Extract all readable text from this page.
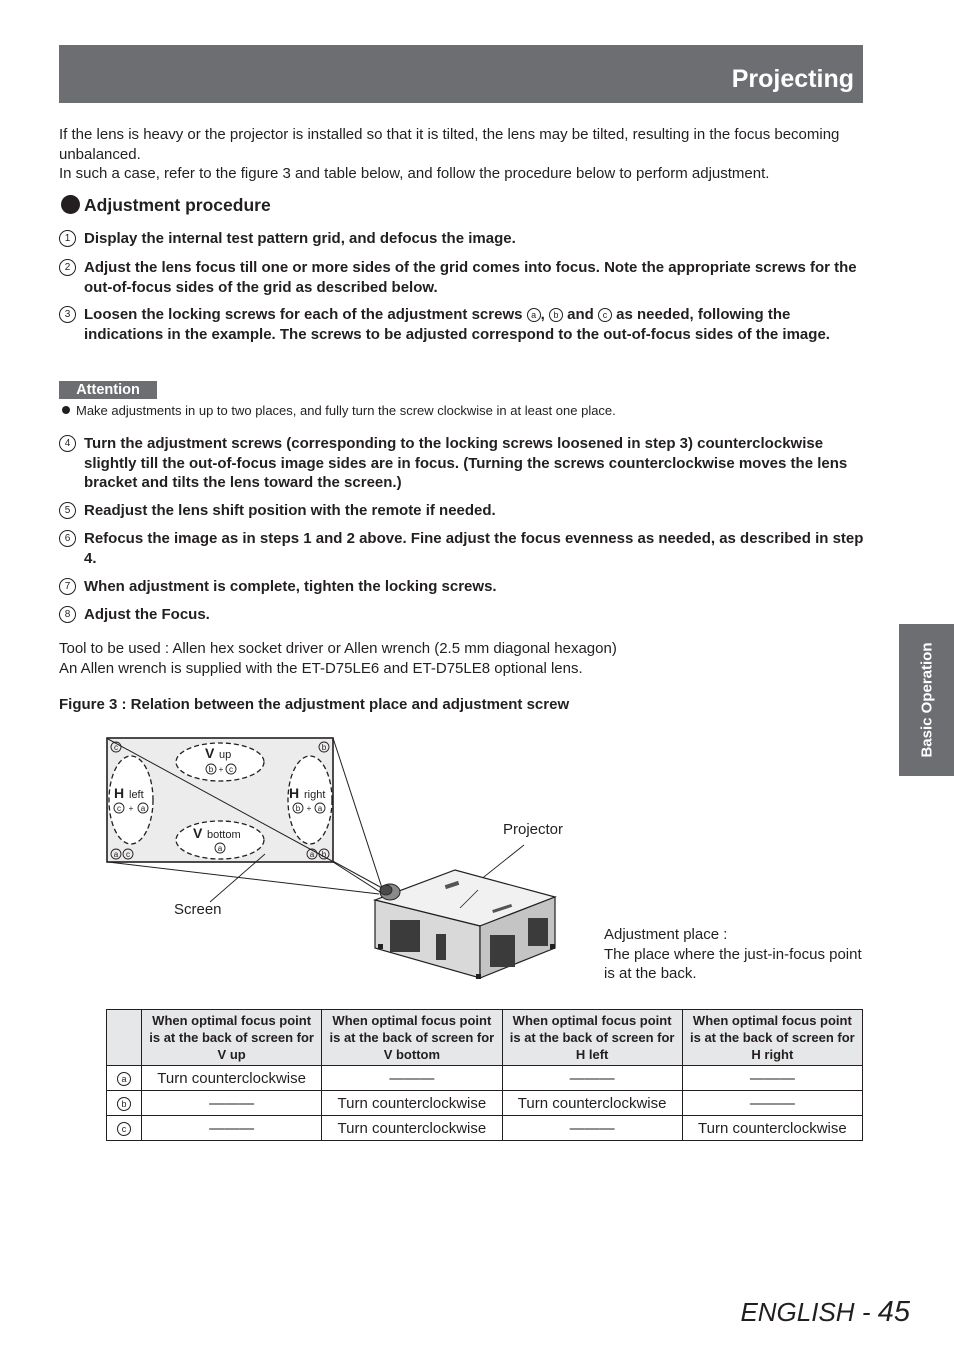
Projecting
If the lens is heavy or the projector is installed so that it is tilted, the lens may be tilted, resulting in the focus becoming unbalanced.
In such a case, refer to the figure 3 and table below, and follow the procedure below to perform adjustment.
Adjustment procedure
1 Display the internal test pattern grid, and defocus the image.
2 Adjust the lens focus till one or more sides of the grid comes into focus. Note the appropriate screws for the out-of-focus sides of the grid as described below.
3 Loosen the locking screws for each of the adjustment screws a , b and c as needed, following the indications in the example. The screws to be adjusted correspond to the out-of-focus sides of the image.
Attention
Make adjustments in up to two places, and fully turn the screw clockwise in at least one place.
4 Turn the adjustment screws (corresponding to the locking screws loosened in step 3) counterclockwise slightly till the out-of-focus image sides are in focus. (Turning the screws counterclockwise moves the lens bracket and tilts the lens toward the screen.)
5 Readjust the lens shift position with the remote if needed.
6 Refocus the image as in steps 1 and 2 above. Fine adjust the focus evenness as needed, as described in step 4.
7 When adjustment is complete, tighten the locking screws.
8 Adjust the Focus.
Tool to be used : Allen hex socket driver or Allen wrench (2.5 mm diagonal hexagon)
An Allen wrench is supplied with the ET-D75LE6 and ET-D75LE8 optional lens.
Figure 3 : Relation between the adjustment place and adjustment screw
c	b
a c	a b
b + c
a
c + a	b + a
V up
V bottom
H left	H right
Projector
Screen
Adjustment place :
The place where the just-in-focus point is at the back.
	When optimal focus point is at the back of screen for V up	When optimal focus point is at the back of screen for V bottom	When optimal focus point is at the back of screen for H left	When optimal focus point is at the back of screen for H right
a	Turn counterclockwise	———	———	———
b	———	Turn counterclockwise	Turn counterclockwise	———
c	———	Turn counterclockwise	———	Turn counterclockwise
Basic Operation
ENGLISH - 45
